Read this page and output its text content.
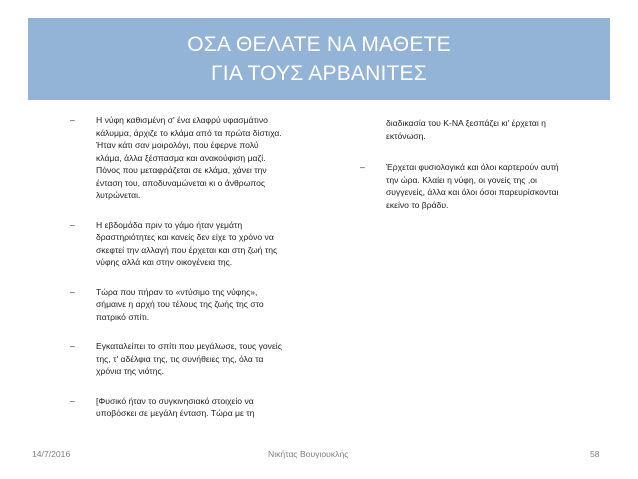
ΟΣΑ ΘΕΛΑΤΕ ΝΑ ΜΑΘΕΤΕ
ΓΙΑ ΤΟΥΣ ΑΡΒΑΝΙΤΕΣ
– Η νύφη καθισμένη σ' ένα ελαφρύ υφασμάτινο
κάλυμμα, άρχιζε το κλάμα από τα πρώτα δίστιχα.
Ήταν κάτι σαν μοιρολόγι, που έφερνε πολύ
κλάμα, άλλα ξέσπασμα και ανακούφιση μαζί.
Πόνος που μεταφράζεται σε κλάμα, χάνει την
ένταση του, αποδυναμώνεται κι ο άνθρωπος
λυτρώνεται.
– Η εβδομάδα πριν το γάμο ήταν γεμάτη
δραστηριότητες και κανείς δεν είχε το χρόνο να
σκεφτεί την αλλαγή που έρχεται και στη ζωή της
νύφης αλλά και στην οικογένεια της.
– Τώρα που πήραν το «ντύσιμο της νύφης»,
σήμαινε η αρχή του τέλους της ζωής της στο
πατρικό σπίτι.
– Εγκαταλείπει το σπίτι που μεγάλωσε, τους γονείς
της, τ' αδέλφια της, τις συνήθειες της, όλα τα
χρόνια της νιότης.
– [Φυσικό ήταν το συγκινησιακό στοιχείο να
υποβόσκει σε μεγάλη ένταση. Τώρα με τη
διαδικασία του Κ-ΝΑ ξεσπάζει κι' έρχεται η
εκτόνωση.
– Έρχεται φυσιολογικά και όλοι καρτερούν αυτή
την ώρα. Κλαίει η νύφη, οι γονείς της ,οι
συγγενείς, άλλα και όλοι όσοι παρευρίσκονται
εκείνο το βράδυ.
14/7/2016	Νικήτας Βουγιουκλής	58
